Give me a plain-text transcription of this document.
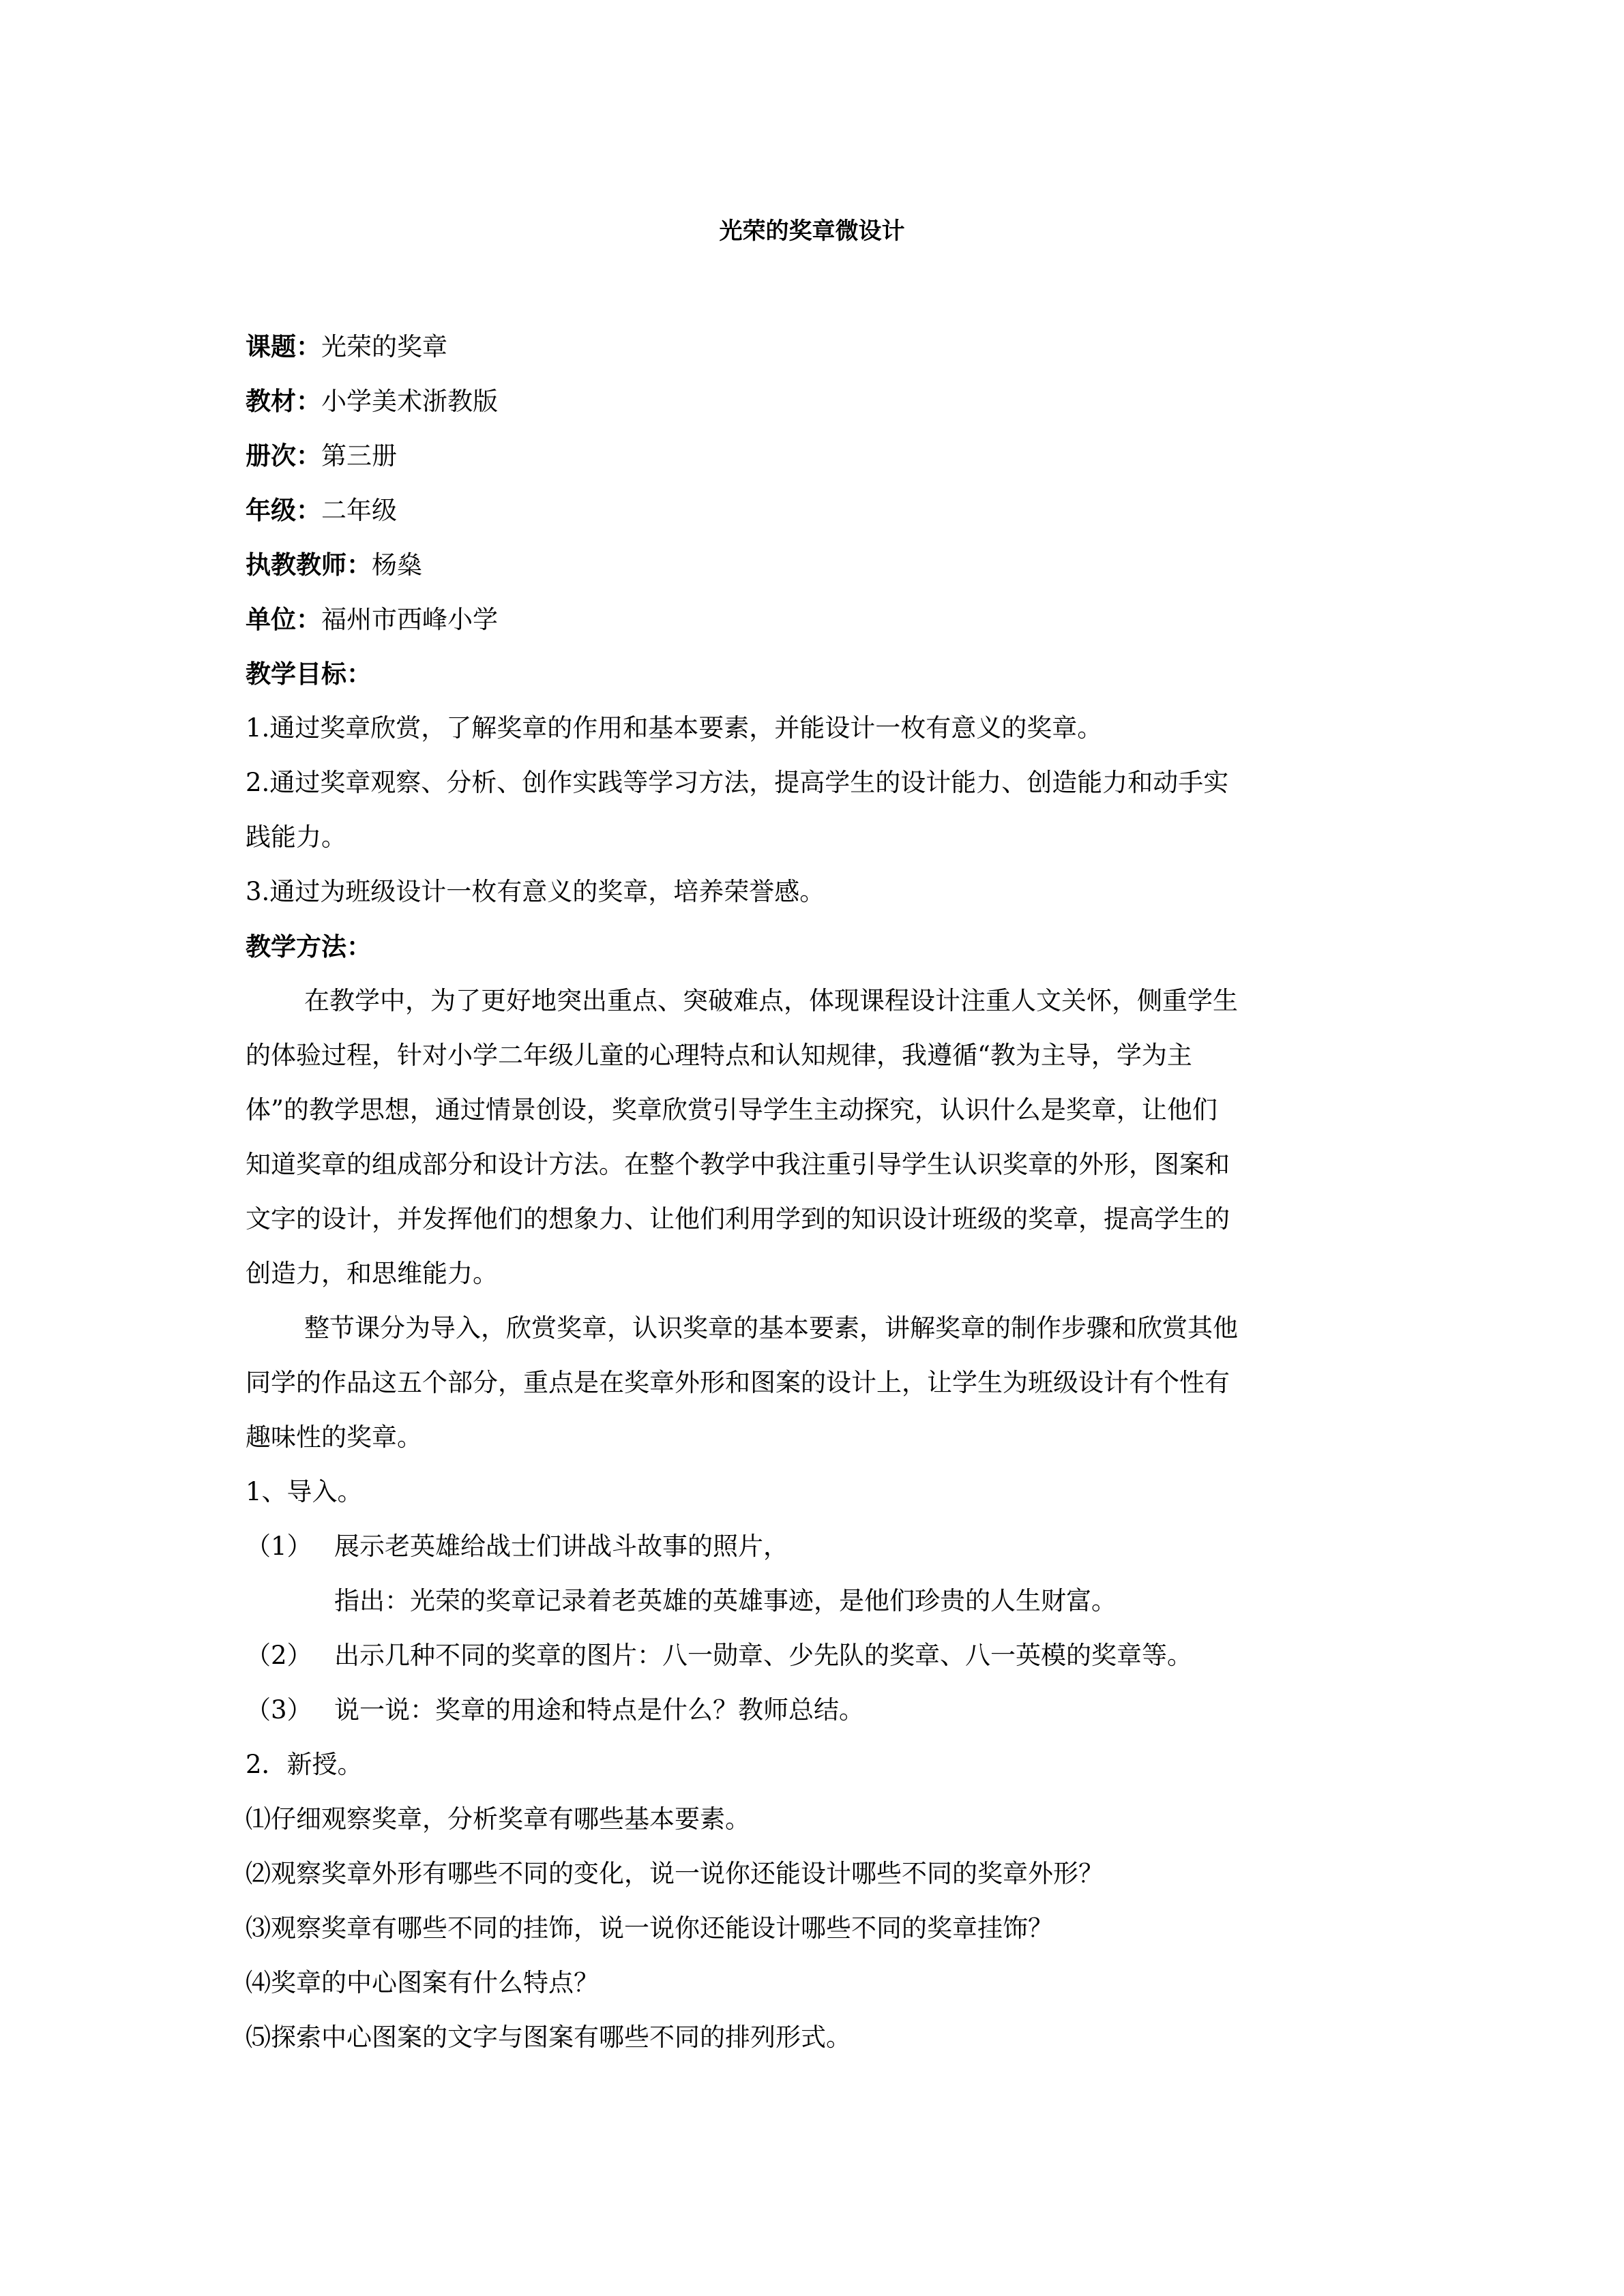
光荣的奖章微设计
课题：光荣的奖章
教材：小学美术浙教版
册次：第三册
年级：二年级
执教教师：杨燊
单位：福州市西峰小学
教学目标：
1.通过奖章欣赏，了解奖章的作用和基本要素，并能设计一枚有意义的奖章。
2.通过奖章观察、分析、创作实践等学习方法，提高学生的设计能力、创造能力和动手实
践能力。
3.通过为班级设计一枚有意义的奖章，培养荣誉感。
教学方法：
在教学中，为了更好地突出重点、突破难点，体现课程设计注重人文关怀，侧重学生
的体验过程，针对小学二年级儿童的心理特点和认知规律，我遵循“教为主导，学为主
体”的教学思想，通过情景创设，奖章欣赏引导学生主动探究，认识什么是奖章，让他们
知道奖章的组成部分和设计方法。在整个教学中我注重引导学生认识奖章的外形，图案和
文字的设计，并发挥他们的想象力、让他们利用学到的知识设计班级的奖章，提高学生的
创造力，和思维能力。
整节课分为导入，欣赏奖章，认识奖章的基本要素，讲解奖章的制作步骤和欣赏其他
同学的作品这五个部分，重点是在奖章外形和图案的设计上，让学生为班级设计有个性有
趣味性的奖章。
1、导入。
（1） 展示老英雄给战士们讲战斗故事的照片，
指出：光荣的奖章记录着老英雄的英雄事迹，是他们珍贵的人生财富。
（2） 出示几种不同的奖章的图片：八一勋章、少先队的奖章、八一英模的奖章等。
（3） 说一说：奖章的用途和特点是什么？教师总结。
2．新授。
⑴仔细观察奖章，分析奖章有哪些基本要素。
⑵观察奖章外形有哪些不同的变化，说一说你还能设计哪些不同的奖章外形？
⑶观察奖章有哪些不同的挂饰，说一说你还能设计哪些不同的奖章挂饰？
⑷奖章的中心图案有什么特点？
⑸探索中心图案的文字与图案有哪些不同的排列形式。
